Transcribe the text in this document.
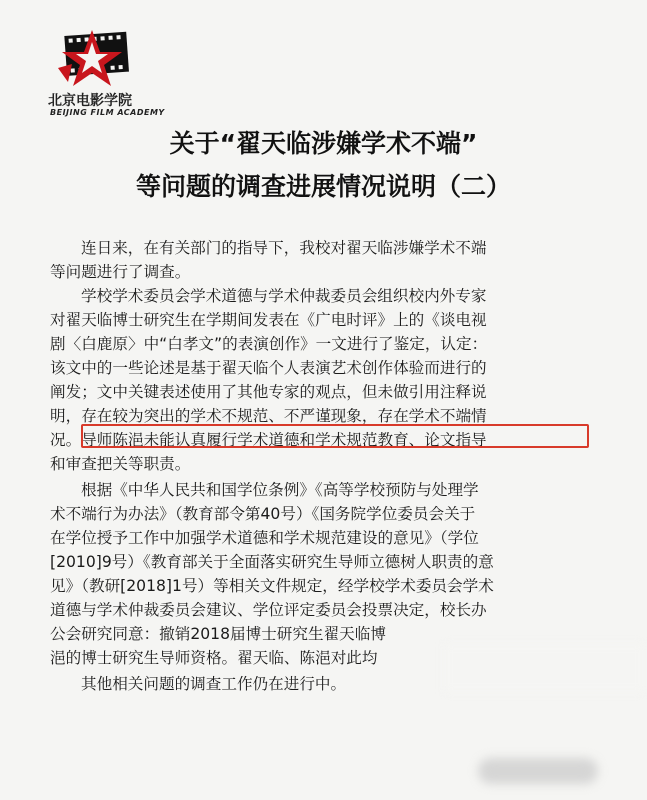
北京电影学院
BEIJING FILM ACADEMY
关于“翟天临涉嫌学术不端”
等问题的调查进展情况说明（二）
连日来，在有关部门的指导下，我校对翟天临涉嫌学术不端
等问题进行了调查。
学校学术委员会学术道德与学术仲裁委员会组织校内外专家
对翟天临博士研究生在学期间发表在《广电时评》上的《谈电视
剧〈白鹿原〉中“白孝文”的表演创作》一文进行了鉴定，认定：
该文中的一些论述是基于翟天临个人表演艺术创作体验而进行的
阐发；文中关键表述使用了其他专家的观点，但未做引用注释说
明，存在较为突出的学术不规范、不严谨现象，存在学术不端情
况。导师陈浥未能认真履行学术道德和学术规范教育、论文指导
和审查把关等职责。
根据《中华人民共和国学位条例》《高等学校预防与处理学
术不端行为办法》（教育部令第40号）《国务院学位委员会关于
在学位授予工作中加强学术道德和学术规范建设的意见》（学位
[2010]9号）《教育部关于全面落实研究生导师立德树人职责的意
见》（教研[2018]1号）等相关文件规定，经学校学术委员会学术
道德与学术仲裁委员会建议、学位评定委员会投票决定，校长办
公会研究同意：撤销2018届博士研究生翟天临博
浥的博士研究生导师资格。翟天临、陈浥对此均
其他相关问题的调查工作仍在进行中。
